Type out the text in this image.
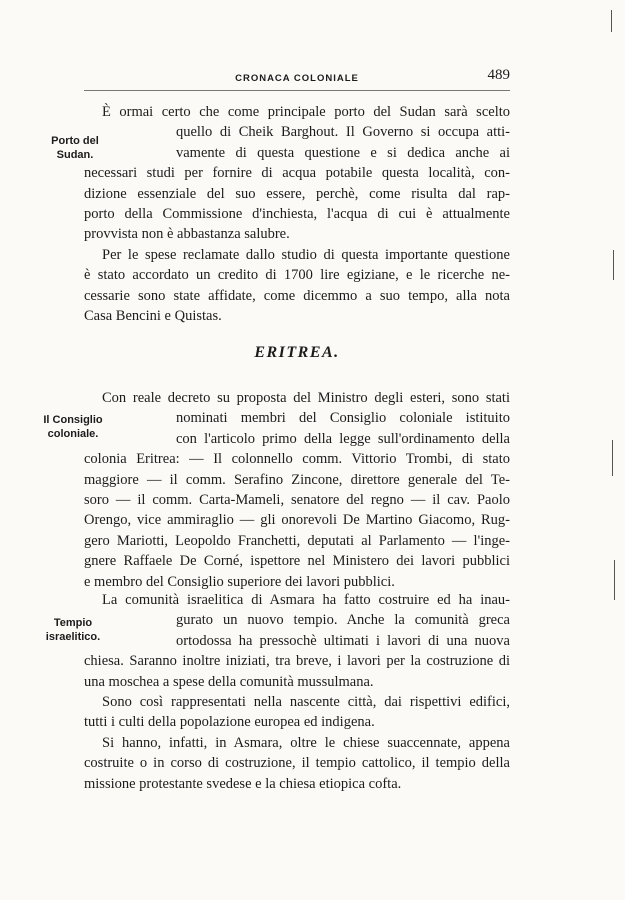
CRONACA COLONIALE	489
Porto del Sudan.
È ormai certo che come principale porto del Sudan sarà scelto
quello di Cheik Barghout. Il Governo si occupa atti-
vamente di questa questione e si dedica anche ai
necessari studi per fornire di acqua potabile questa località, con-
dizione essenziale del suo essere, perchè, come risulta dal rap-
porto della Commissione d'inchiesta, l'acqua di cui è attualmente
provvista non è abbastanza salubre.
Per le spese reclamate dallo studio di questa importante questione
è stato accordato un credito di 1700 lire egiziane, e le ricerche ne-
cessarie sono state affidate, come dicemmo a suo tempo, alla nota
Casa Bencini e Quistas.
ERITREA.
Il Consiglio
coloniale.
Con reale decreto su proposta del Ministro degli esteri, sono stati
nominati membri del Consiglio coloniale istituito
con l'articolo primo della legge sull'ordinamento della
colonia Eritrea: — Il colonnello comm. Vittorio Trombi, di stato
maggiore — il comm. Serafino Zincone, direttore generale del Te-
soro — il comm. Carta-Mameli, senatore del regno — il cav. Paolo
Orengo, vice ammiraglio — gli onorevoli De Martino Giacomo, Rug-
gero Mariotti, Leopoldo Franchetti, deputati al Parlamento — l'inge-
gnere Raffaele De Corné, ispettore nel Ministero dei lavori pubblici
e membro del Consiglio superiore dei lavori pubblici.
Tempio
israelitico.
La comunità israelitica di Asmara ha fatto costruire ed ha inau-
gurato un nuovo tempio. Anche la comunità greca
ortodossa ha pressochè ultimati i lavori di una nuova
chiesa. Saranno inoltre iniziati, tra breve, i lavori per la costruzione di
una moschea a spese della comunità mussulmana.
Sono così rappresentati nella nascente città, dai rispettivi edifici,
tutti i culti della popolazione europea ed indigena.
Si hanno, infatti, in Asmara, oltre le chiese suaccennate, appena
costruite o in corso di costruzione, il tempio cattolico, il tempio della
missione protestante svedese e la chiesa etiopica cofta.
